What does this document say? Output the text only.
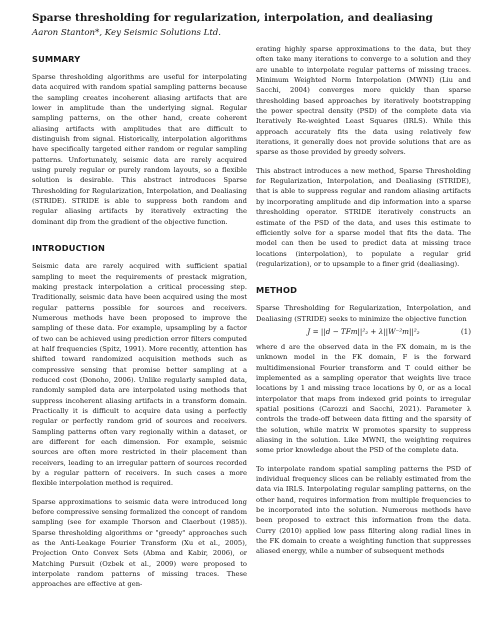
Sparse thresholding for regularization, interpolation, and dealiasing
Aaron Stanton*, Key Seismic Solutions Ltd.
SUMMARY

Sparse thresholding algorithms are useful for interpolating data acquired with random spatial sampling patterns because the sampling creates incoherent aliasing artifacts that are lower in amplitude than the underlying signal. Regular sampling patterns, on the other hand, create coherent aliasing artifacts with amplitudes that are difficult to distinguish from signal. Historically, interpolation algorithms have specifically targeted either random or regular sampling patterns. Unfortunately, seismic data are rarely acquired using purely regular or purely random layouts, so a flexible solution is desirable. This abstract introduces Sparse Thresholding for Regularization, Interpolation, and Dealiasing (STRIDE). STRIDE is able to suppress both random and regular aliasing artifacts by iteratively extracting the dominant dip from the gradient of the objective function.

INTRODUCTION

Seismic data are rarely acquired with sufficient spatial sampling to meet the requirements of prestack migration, making prestack interpolation a critical processing step. Traditionally, seismic data have been acquired using the most regular patterns possible for sources and receivers. Numerous methods have been proposed to improve the sampling of these data. For example, upsampling by a factor of two can be achieved using prediction error filters computed at half frequencies (Spitz, 1991). More recently, attention has shifted toward randomized acquisition methods such as compressive sensing that promise better sampling at a reduced cost (Donoho, 2006). Unlike regularly sampled data, randomly sampled data are interpolated using methods that suppress incoherent aliasing artifacts in a transform domain. Practically it is difficult to acquire data using a perfectly regular or perfectly random grid of sources and receivers. Sampling patterns often vary regionally within a dataset, or are different for each dimension. For example, seismic sources are often more restricted in their placement than receivers, leading to an irregular pattern of sources recorded by a regular pattern of receivers. In such cases a more flexible interpolation method is required.

Sparse approximations to seismic data were introduced long before compressive sensing formalized the concept of random sampling (see for example Thorson and Claerbout (1985)). Sparse thresholding algorithms or "greedy" approaches such as the Anti-Leakage Fourier Transform (Xu et al., 2005), Projection Onto Convex Sets (Abma and Kabir, 2006), or Matching Pursuit (Ozbek et al., 2009) were proposed to interpolate random patterns of missing traces. These approaches are effective at gen-

erating highly sparse approximations to the data, but they often take many iterations to converge to a solution and they are unable to interpolate regular patterns of missing traces. Minimum Weighted Norm Interpolation (MWNI) (Liu and Sacchi, 2004) converges more quickly than sparse thresholding based approaches by iteratively bootstrapping the power spectral density (PSD) of the complete data via Iteratively Re-weighted Least Squares (IRLS). While this approach accurately fits the data using relatively few iterations, it generally does not provide solutions that are as sparse as those provided by greedy solvers.

This abstract introduces a new method, Sparse Thresholding for Regularization, Interpolation, and Dealiasing (STRIDE), that is able to suppress regular and random aliasing artifacts by incorporating amplitude and dip information into a sparse thresholding operator. STRIDE iteratively constructs an estimate of the PSD of the data, and uses this estimate to efficiently solve for a sparse model that fits the data. The model can then be used to predict data at missing trace locations (interpolation), to populate a regular grid (regularization), or to upsample to a finer grid (dealiasing).

METHOD

Sparse Thresholding for Regularization, Interpolation, and Dealiasing (STRIDE) seeks to minimize the objective function

J = ||d − TFm||²₂ + λ||W⁻²m||²₂	(1)

where d are the observed data in the FX domain, m is the unknown model in the FK domain, F is the forward multidimensional Fourier transform and T could either be implemented as a sampling operator that weights live trace locations by 1 and missing trace locations by 0, or as a local interpolator that maps from indexed grid points to irregular spatial positions (Carozzi and Sacchi, 2021). Parameter λ controls the trade-off between data fitting and the sparsity of the solution, while matrix W promotes sparsity to suppress aliasing in the solution. Like MWNI, the weighting requires some prior knowledge about the PSD of the complete data.

To interpolate random spatial sampling patterns the PSD of individual frequency slices can be reliably estimated from the data via IRLS. Interpolating regular sampling patterns, on the other hand, requires information from multiple frequencies to be incorporated into the solution. Numerous methods have been proposed to extract this information from the data. Curry (2010) applied low pass filtering along radial lines in the FK domain to create a weighting function that suppresses aliased energy, while a number of subsequent methods
